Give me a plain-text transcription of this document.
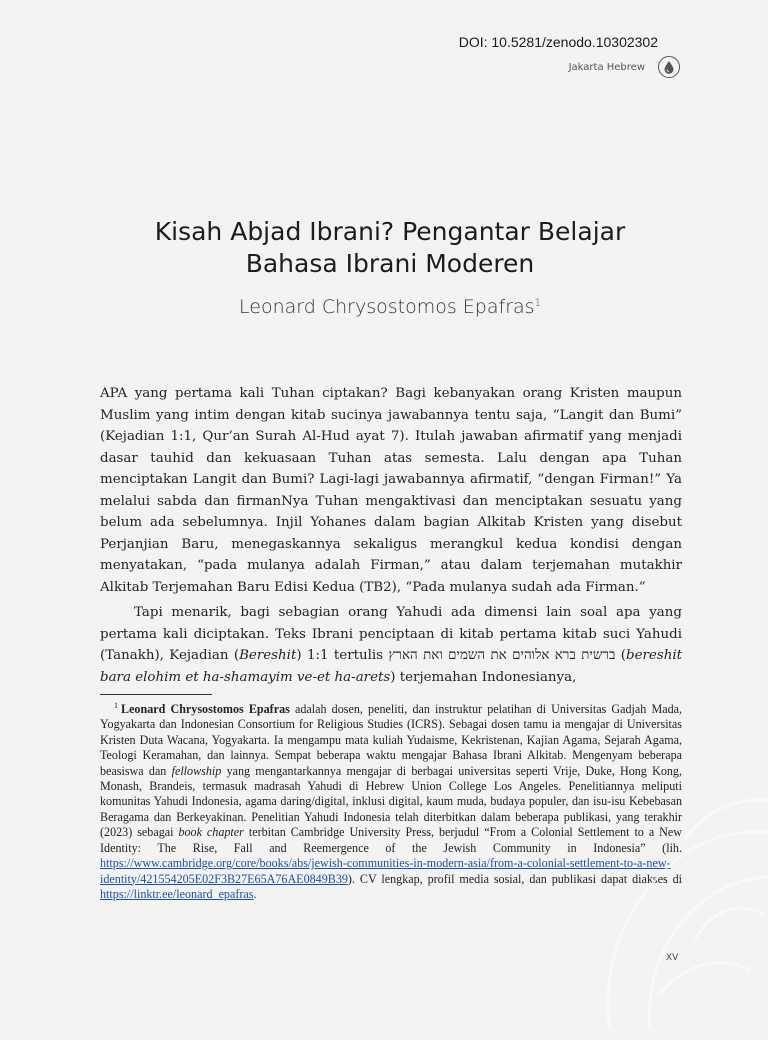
DOI: 10.5281/zenodo.10302302
Jakarta Hebrew
Kisah Abjad Ibrani? Pengantar Belajar
Bahasa Ibrani Moderen
Leonard Chrysostomos Epafras$^1$

APA yang pertama kali Tuhan ciptakan? Bagi kebanyakan orang Kristen maupun Muslim yang intim dengan kitab sucinya jawabannya tentu saja, “Langit dan Bumi” (Kejadian 1:1, Qur’an Surah Al-Hud ayat 7). Itulah jawaban afirmatif yang menjadi dasar tauhid dan kekuasaan Tuhan atas semesta. Lalu dengan apa Tuhan menciptakan Langit dan Bumi? Lagi-lagi jawabannya afirmatif, “dengan Firman!” Ya melalui sabda dan firmanNya Tuhan mengaktivasi dan menciptakan sesuatu yang belum ada sebelumnya. Injil Yohanes dalam bagian Alkitab Kristen yang disebut Perjanjian Baru, menegaskannya sekaligus merangkul kedua kondisi dengan menyatakan, “pada mulanya adalah Firman,” atau dalam terjemahan mutakhir Alkitab Terjemahan Baru Edisi Kedua (TB2), “Pada mulanya sudah ada Firman.”

Tapi menarik, bagi sebagian orang Yahudi ada dimensi lain soal apa yang pertama kali diciptakan. Teks Ibrani penciptaan di kitab pertama kitab suci Yahudi (Tanakh), Kejadian (Bereshit) 1:1 tertulis ברשית ברא אלוהים את השמים ואת הארץ (bereshit bara elohim et ha-shamayim ve-et ha-arets) terjemahan Indonesianya,

$^1$ Leonard Chrysostomos Epafras adalah dosen, peneliti, dan instruktur pelatihan di Universitas Gadjah Mada, Yogyakarta dan Indonesian Consortium for Religious Studies (ICRS). Sebagai dosen tamu ia mengajar di Universitas Kristen Duta Wacana, Yogyakarta. Ia mengampu mata kuliah Yudaisme, Kekristenan, Kajian Agama, Sejarah Agama, Teologi Keramahan, dan lainnya. Sempat beberapa waktu mengajar Bahasa Ibrani Alkitab. Mengenyam beberapa beasiswa dan fellowship yang mengantarkannya mengajar di berbagai universitas seperti Vrije, Duke, Hong Kong, Monash, Brandeis, termasuk madrasah Yahudi di Hebrew Union College Los Angeles. Penelitiannya meliputi komunitas Yahudi Indonesia, agama daring/digital, inklusi digital, kaum muda, budaya populer, dan isu-isu Kebebasan Beragama dan Berkeyakinan. Penelitian Yahudi Indonesia telah diterbitkan dalam beberapa publikasi, yang terakhir (2023) sebagai book chapter terbitan Cambridge University Press, berjudul “From a Colonial Settlement to a New Identity: The Rise, Fall and Reemergence of the Jewish Community in Indonesia” (lih. https://www.cambridge.org/core/books/abs/jewish-communities-in-modern-asia/from-a-colonial-settlement-to-a-new-identity/421554205E02F3B27E65A76AE0849B39). CV lengkap, profil media sosial, dan publikasi dapat diakses di https://linktr.ee/leonard_epafras.
XV
